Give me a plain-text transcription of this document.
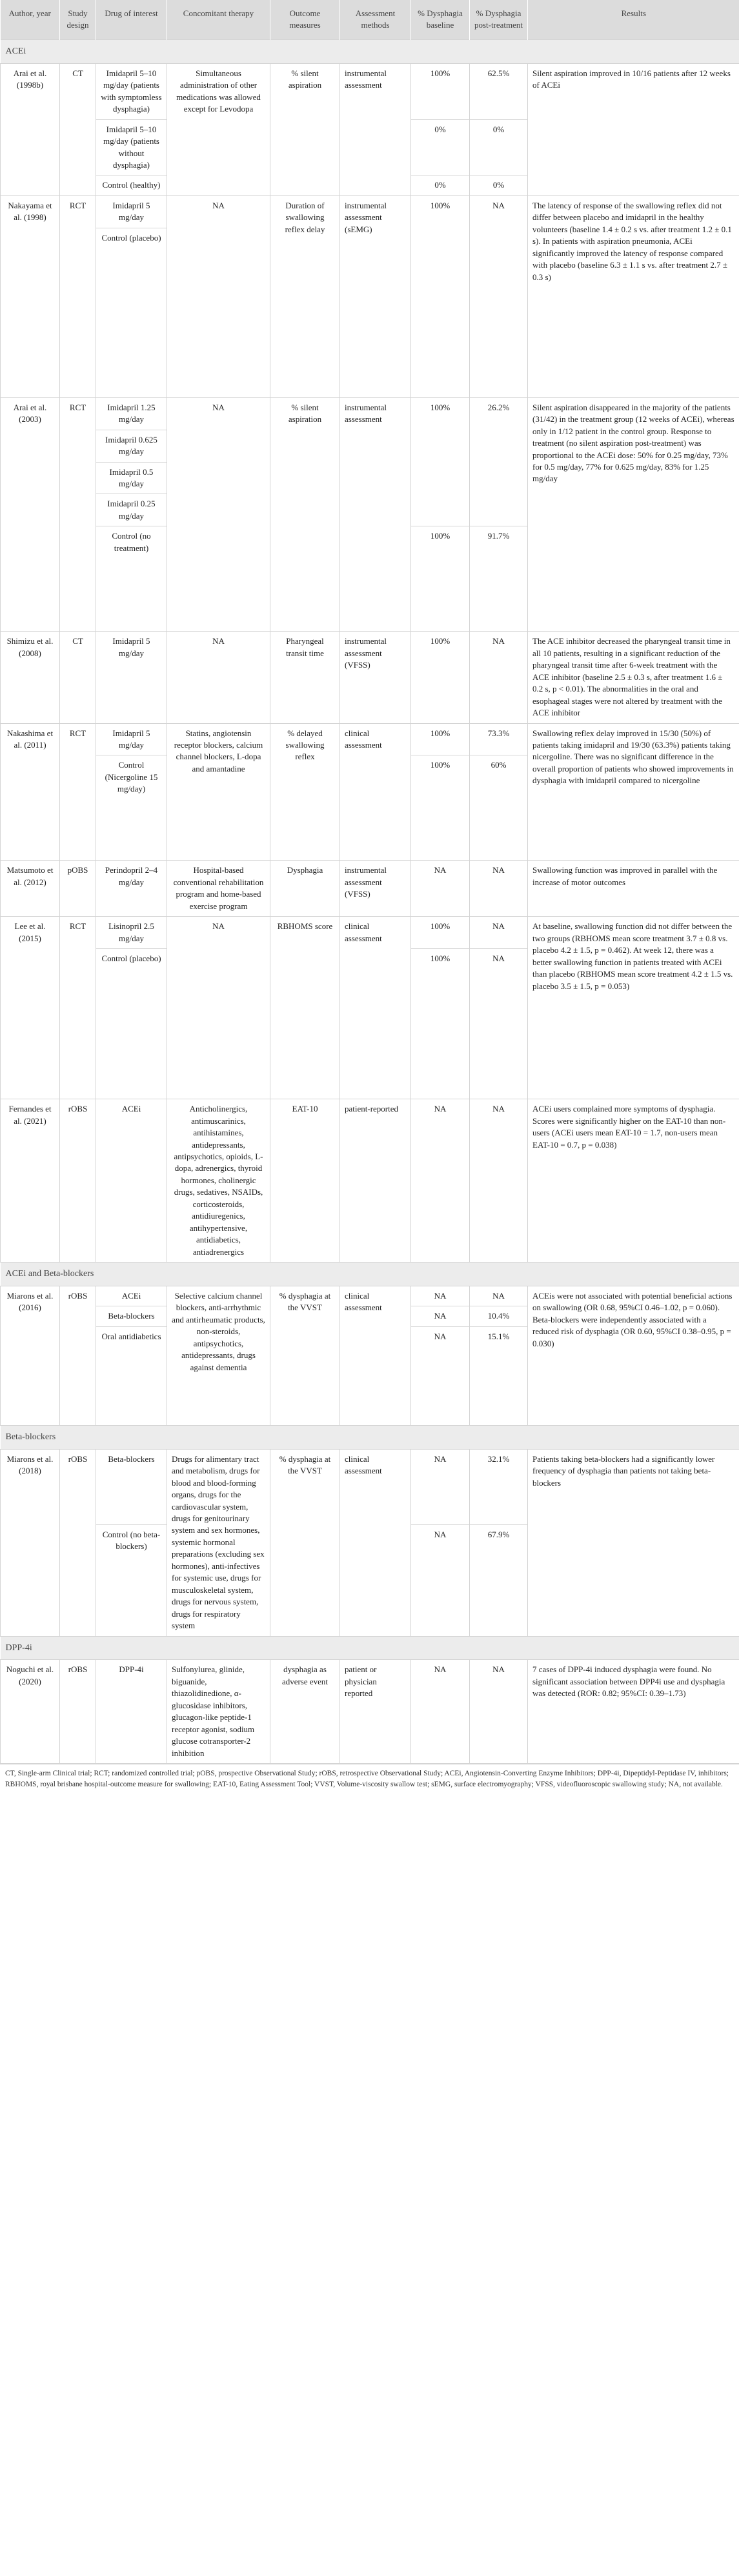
Author, year	Study design	Drug of interest	Concomitant therapy	Outcome measures	Assessment methods	% Dysphagia baseline	% Dysphagia post-treatment	Results
ACEi								
Arai et al. (1998b)	CT	Imidapril 5–10 mg/day (patients with symptomless dysphagia)	Simultaneous administration of other medications was allowed except for Levodopa	% silent aspiration	instrumental assessment	100%	62.5%	Silent aspiration improved in 10/16 patients after 12 weeks of ACEi
		Imidapril 5–10 mg/day (patients without dysphagia)				0%	0%	
		Control (healthy)				0%	0%	
Nakayama et al. (1998)	RCT	Imidapril 5 mg/day	NA	Duration of swallowing reflex delay	instrumental assessment (sEMG)	100%	NA	The latency of response of the swallowing reflex did not differ between placebo and imidapril in the healthy volunteers (baseline 1.4 ± 0.2 s vs. after treatment 1.2 ± 0.1 s). In patients with aspiration pneumonia, ACEi significantly improved the latency of response compared with placebo (baseline 6.3 ± 1.1 s vs. after treatment 2.7 ± 0.3 s)
		Control (placebo)						
Arai et al. (2003)	RCT	Imidapril 1.25 mg/day	NA	% silent aspiration	instrumental assessment	100%	26.2%	Silent aspiration disappeared in the majority of the patients (31/42) in the treatment group (12 weeks of ACEi), whereas only in 1/12 patient in the control group. Response to treatment (no silent aspiration post-treatment) was proportional to the ACEi dose: 50% for 0.25 mg/day, 73% for 0.5 mg/day, 77% for 0.625 mg/day, 83% for 1.25 mg/day
		Imidapril 0.625 mg/day						
		Imidapril 0.5 mg/day						
		Imidapril 0.25 mg/day						
		Control (no treatment)				100%	91.7%	
Shimizu et al. (2008)	CT	Imidapril 5 mg/day	NA	Pharyngeal transit time	instrumental assessment (VFSS)	100%	NA	The ACE inhibitor decreased the pharyngeal transit time in all 10 patients, resulting in a significant reduction of the pharyngeal transit time after 6-week treatment with the ACE inhibitor (baseline 2.5 ± 0.3 s, after treatment 1.6 ± 0.2 s, p < 0.01). The abnormalities in the oral and esophageal stages were not altered by treatment with the ACE inhibitor
Nakashima et al. (2011)	RCT	Imidapril 5 mg/day	Statins, angiotensin receptor blockers, calcium channel blockers, L-dopa and amantadine	% delayed swallowing reflex	clinical assessment	100%	73.3%	Swallowing reflex delay improved in 15/30 (50%) of patients taking imidapril and 19/30 (63.3%) patients taking nicergoline. There was no significant difference in the overall proportion of patients who showed improvements in dysphagia with imidapril compared to nicergoline
		Control (Nicergoline 15 mg/day)				100%	60%	
Matsumoto et al. (2012)	pOBS	Perindopril 2–4 mg/day	Hospital-based conventional rehabilitation program and home-based exercise program	Dysphagia	instrumental assessment (VFSS)	NA	NA	Swallowing function was improved in parallel with the increase of motor outcomes
Lee et al. (2015)	RCT	Lisinopril 2.5 mg/day	NA	RBHOMS score	clinical assessment	100%	NA	At baseline, swallowing function did not differ between the two groups (RBHOMS mean score treatment 3.7 ± 0.8 vs. placebo 4.2 ± 1.5, p = 0.462). At week 12, there was a better swallowing function in patients treated with ACEi than placebo (RBHOMS mean score treatment 4.2 ± 1.5 vs. placebo 3.5 ± 1.5, p = 0.053)
		Control (placebo)				100%	NA	
Fernandes et al. (2021)	rOBS	ACEi	Anticholinergics, antimuscarinics, antihistamines, antidepressants, antipsychotics, opioids, L-dopa, adrenergics, thyroid hormones, cholinergic drugs, sedatives, NSAIDs, corticosteroids, antidiuregenics, antihypertensive, antidiabetics, antiadrenergics	EAT-10	patient-reported	NA	NA	ACEi users complained more symptoms of dysphagia. Scores were significantly higher on the EAT-10 than non-users (ACEi users mean EAT-10 = 1.7, non-users mean EAT-10 = 0.7, p = 0.038)
ACEi and Beta-blockers								
Miarons et al. (2016)	rOBS	ACEi	Selective calcium channel blockers, anti-arrhythmic and antirheumatic products, non-steroids, antipsychotics, antidepressants, drugs against dementia	% dysphagia at the VVST	clinical assessment	NA	NA	ACEis were not associated with potential beneficial actions on swallowing (OR 0.68, 95%CI 0.46–1.02, p = 0.060). Beta-blockers were independently associated with a reduced risk of dysphagia (OR 0.60, 95%CI 0.38–0.95, p = 0.030)
		Beta-blockers				NA	10.4%	
		Oral antidiabetics				NA	15.1%	
Beta-blockers								
Miarons et al. (2018)	rOBS	Beta-blockers	Drugs for alimentary tract and metabolism, drugs for blood and blood-forming organs, drugs for the cardiovascular system, drugs for genitourinary system and sex hormones, systemic hormonal preparations (excluding sex hormones), anti-infectives for systemic use, drugs for musculoskeletal system, drugs for nervous system, drugs for respiratory system	% dysphagia at the VVST	clinical assessment	NA	32.1%	Patients taking beta-blockers had a significantly lower frequency of dysphagia than patients not taking beta-blockers
		Control (no beta-blockers)				NA	67.9%	
DPP-4i								
Noguchi et al. (2020)	rOBS	DPP-4i	Sulfonylurea, glinide, biguanide, thiazolidinedione, α-glucosidase inhibitors, glucagon-like peptide-1 receptor agonist, sodium glucose cotransporter-2 inhibition	dysphagia as adverse event	patient or physician reported	NA	NA	7 cases of DPP-4i induced dysphagia were found. No significant association between DPP4i use and dysphagia was detected (ROR: 0.82; 95%CI: 0.39–1.73)
CT, Single-arm Clinical trial; RCT; randomized controlled trial; pOBS, prospective Observational Study; rOBS, retrospective Observational Study; ACEi, Angiotensin-Converting Enzyme Inhibitors; DPP-4i, Dipeptidyl-Peptidase IV, inhibitors; RBHOMS, royal brisbane hospital-outcome measure for swallowing; EAT-10, Eating Assessment Tool; VVST, Volume-viscosity swallow test; sEMG, surface electromyography; VFSS, videofluoroscopic swallowing study; NA, not available.
